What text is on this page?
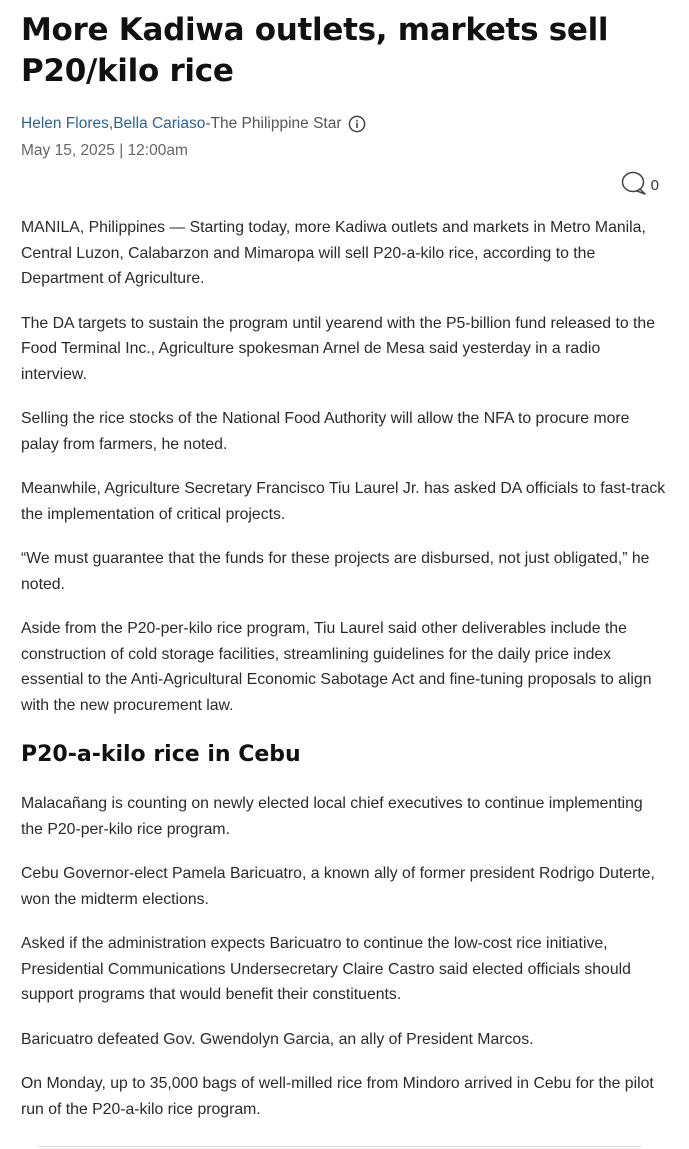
More Kadiwa outlets, markets sell P20/kilo rice
Helen Flores , Bella Cariaso - The Philippine Star
May 15, 2025 | 12:00am
0

MANILA, Philippines — Starting today, more Kadiwa outlets and markets in Metro Manila, Central Luzon, Calabarzon and Mimaropa will sell P20-a-kilo rice, according to the Department of Agriculture.

The DA targets to sustain the program until yearend with the P5-billion fund released to the Food Terminal Inc., Agriculture spokesman Arnel de Mesa said yesterday in a radio interview.

Selling the rice stocks of the National Food Authority will allow the NFA to procure more palay from farmers, he noted.

Meanwhile, Agriculture Secretary Francisco Tiu Laurel Jr. has asked DA officials to fast-track the implementation of critical projects.

“We must guarantee that the funds for these projects are disbursed, not just obligated,” he noted.

Aside from the P20-per-kilo rice program, Tiu Laurel said other deliverables include the construction of cold storage facilities, streamlining guidelines for the daily price index essential to the Anti-Agricultural Economic Sabotage Act and fine-tuning proposals to align with the new procurement law.

P20-a-kilo rice in Cebu

Malacañang is counting on newly elected local chief executives to continue implementing the P20-per-kilo rice program.

Cebu Governor-elect Pamela Baricuatro, a known ally of former president Rodrigo Duterte, won the midterm elections.

Asked if the administration expects Baricuatro to continue the low-cost rice initiative, Presidential Communications Undersecretary Claire Castro said elected officials should support programs that would benefit their constituents.

Baricuatro defeated Gov. Gwendolyn Garcia, an ally of President Marcos.

On Monday, up to 35,000 bags of well-milled rice from Mindoro arrived in Cebu for the pilot run of the P20-a-kilo rice program.
